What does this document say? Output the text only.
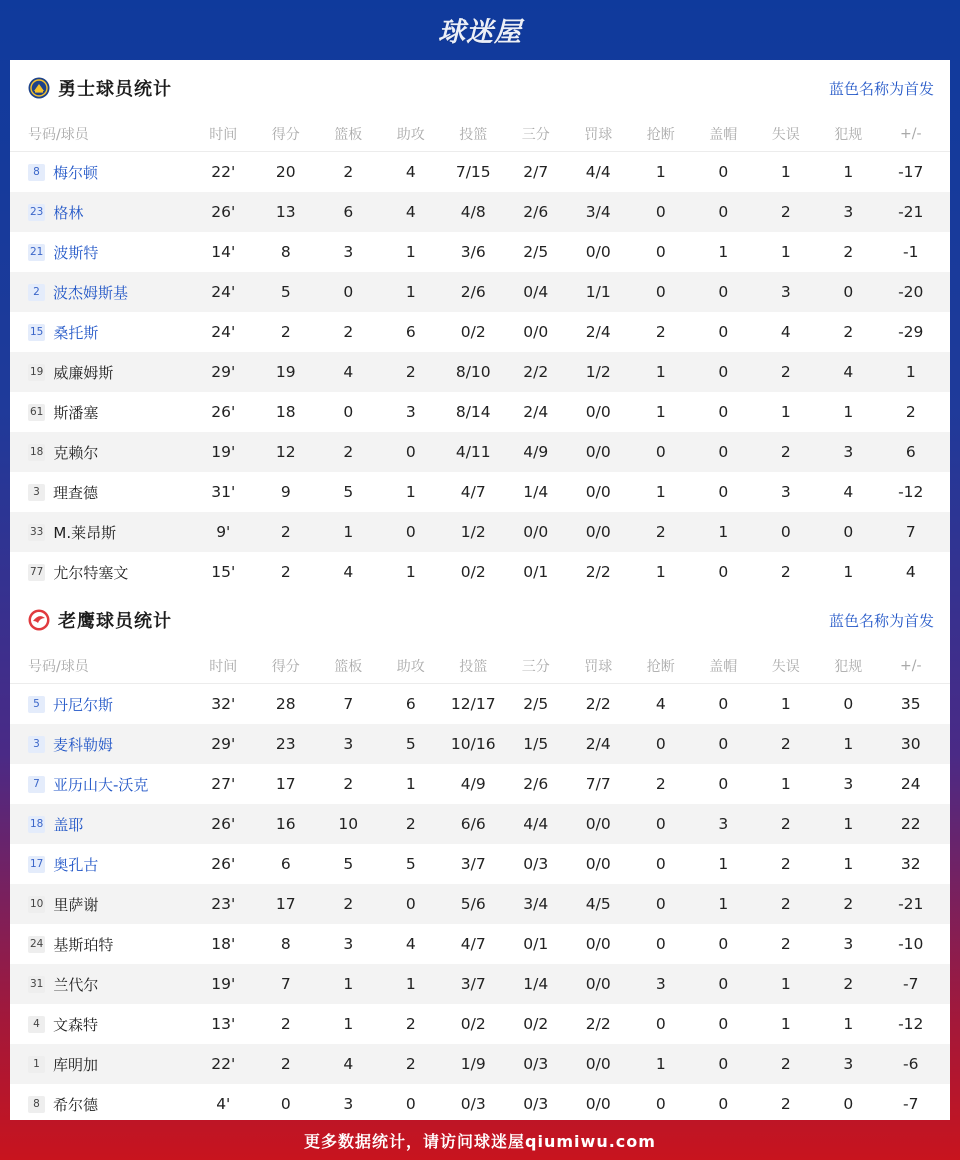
球迷屋
勇士球员统计	蓝色名称为首发
号码/球员	时间	得分	篮板	助攻	投篮	三分	罚球	抢断	盖帽	失误	犯规	+/-
8 梅尔顿	22'	20	2	4	7/15	2/7	4/4	1	0	1	1	-17
23 格林	26'	13	6	4	4/8	2/6	3/4	0	0	2	3	-21
21 波斯特	14'	8	3	1	3/6	2/5	0/0	0	1	1	2	-1
2 波杰姆斯基	24'	5	0	1	2/6	0/4	1/1	0	0	3	0	-20
15 桑托斯	24'	2	2	6	0/2	0/0	2/4	2	0	4	2	-29
19 威廉姆斯	29'	19	4	2	8/10	2/2	1/2	1	0	2	4	1
61 斯潘塞	26'	18	0	3	8/14	2/4	0/0	1	0	1	1	2
18 克赖尔	19'	12	2	0	4/11	4/9	0/0	0	0	2	3	6
3 理查德	31'	9	5	1	4/7	1/4	0/0	1	0	3	4	-12
33 M.莱昂斯	9'	2	1	0	1/2	0/0	0/0	2	1	0	0	7
77 尤尔特塞文	15'	2	4	1	0/2	0/1	2/2	1	0	2	1	4
老鹰球员统计	蓝色名称为首发
号码/球员	时间	得分	篮板	助攻	投篮	三分	罚球	抢断	盖帽	失误	犯规	+/-
5 丹尼尔斯	32'	28	7	6	12/17	2/5	2/2	4	0	1	0	35
3 麦科勒姆	29'	23	3	5	10/16	1/5	2/4	0	0	2	1	30
7 亚历山大-沃克	27'	17	2	1	4/9	2/6	7/7	2	0	1	3	24
18 盖耶	26'	16	10	2	6/6	4/4	0/0	0	3	2	1	22
17 奥孔古	26'	6	5	5	3/7	0/3	0/0	0	1	2	1	32
10 里萨谢	23'	17	2	0	5/6	3/4	4/5	0	1	2	2	-21
24 基斯珀特	18'	8	3	4	4/7	0/1	0/0	0	0	2	3	-10
31 兰代尔	19'	7	1	1	3/7	1/4	0/0	3	0	1	2	-7
4 文森特	13'	2	1	2	0/2	0/2	2/2	0	0	1	1	-12
1 库明加	22'	2	4	2	1/9	0/3	0/0	1	0	2	3	-6
8 希尔德	4'	0	3	0	0/3	0/3	0/0	0	0	2	0	-7
更多数据统计，请访问球迷屋qiumiwu.com
